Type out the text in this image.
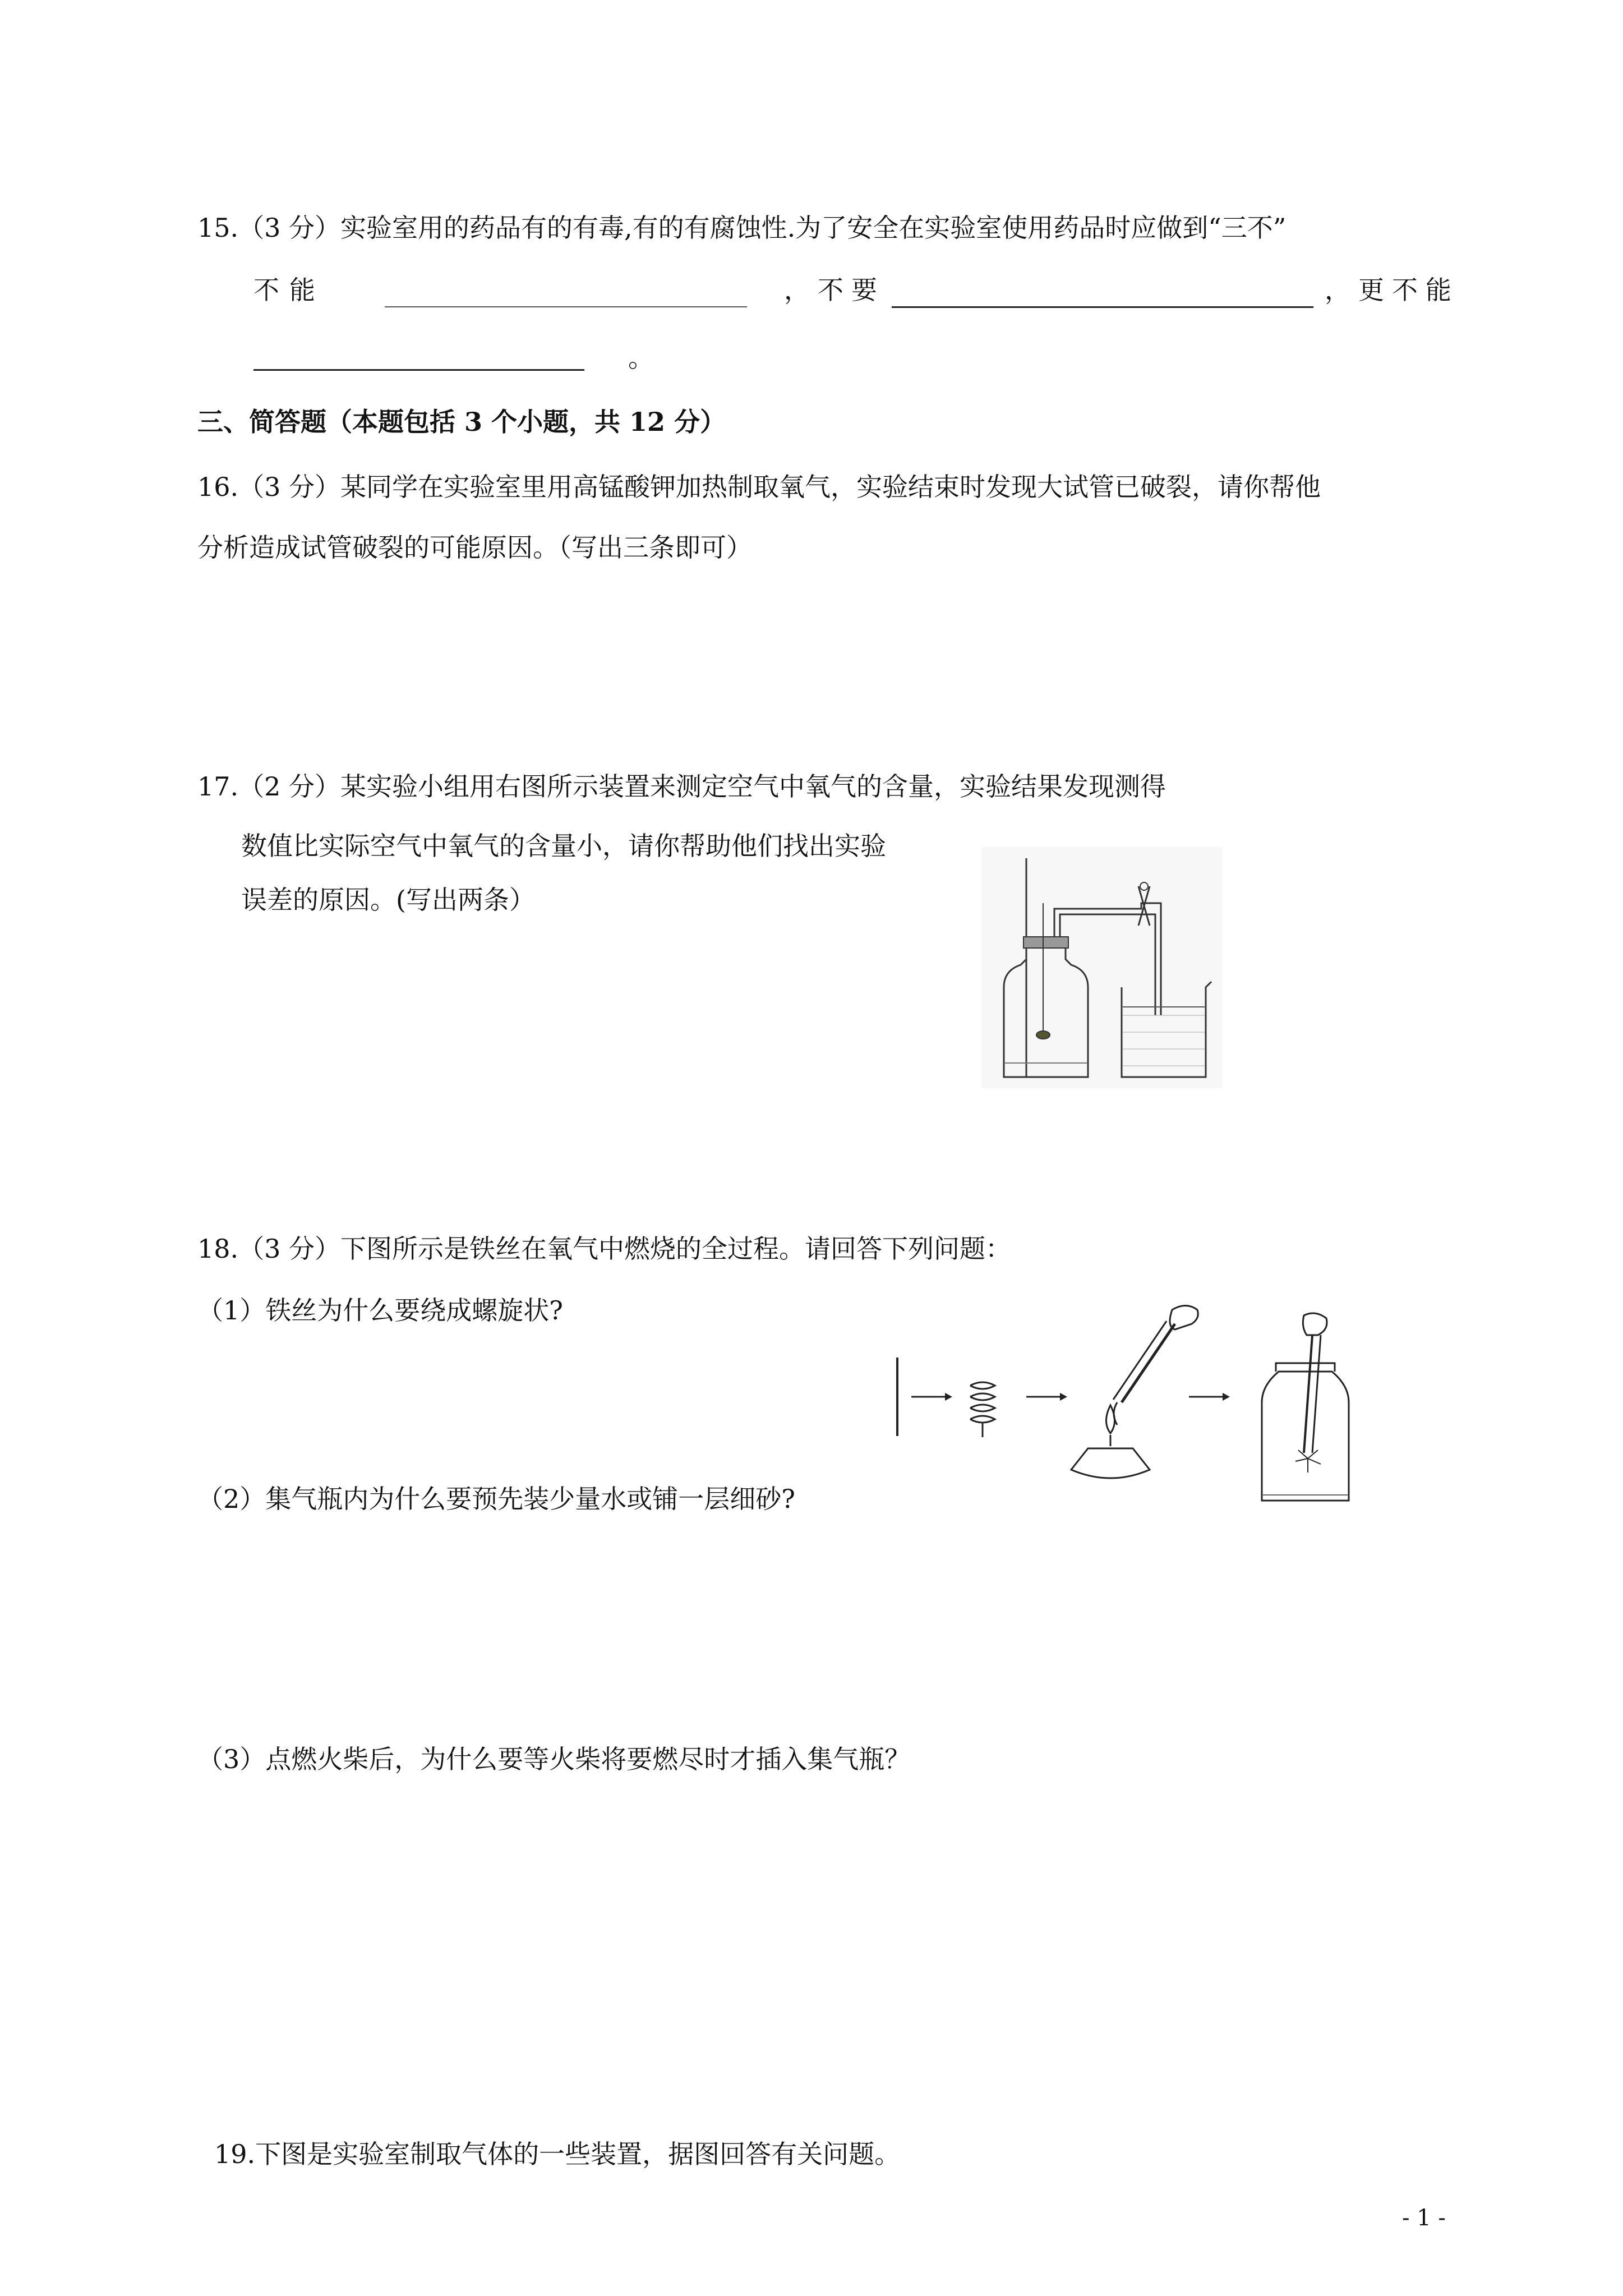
15.（3 分）实验室用的药品有的有毒,有的有腐蚀性.为了安全在实验室使用药品时应做到“三不”
不能	，不要	，更不能
。
三、简答题（本题包括 3 个小题，共 12 分）
16.（3 分）某同学在实验室里用高锰酸钾加热制取氧气，实验结束时发现大试管已破裂，请你帮他
分析造成试管破裂的可能原因。（写出三条即可）
17.（2 分）某实验小组用右图所示装置来测定空气中氧气的含量，实验结果发现测得
数值比实际空气中氧气的含量小，请你帮助他们找出实验
误差的原因。(写出两条）
18.（3 分）下图所示是铁丝在氧气中燃烧的全过程。请回答下列问题：
（1）铁丝为什么要绕成螺旋状?
（2）集气瓶内为什么要预先装少量水或铺一层细砂?
（3）点燃火柴后，为什么要等火柴将要燃尽时才插入集气瓶？
19.下图是实验室制取气体的一些装置，据图回答有关问题。
- 1 -
